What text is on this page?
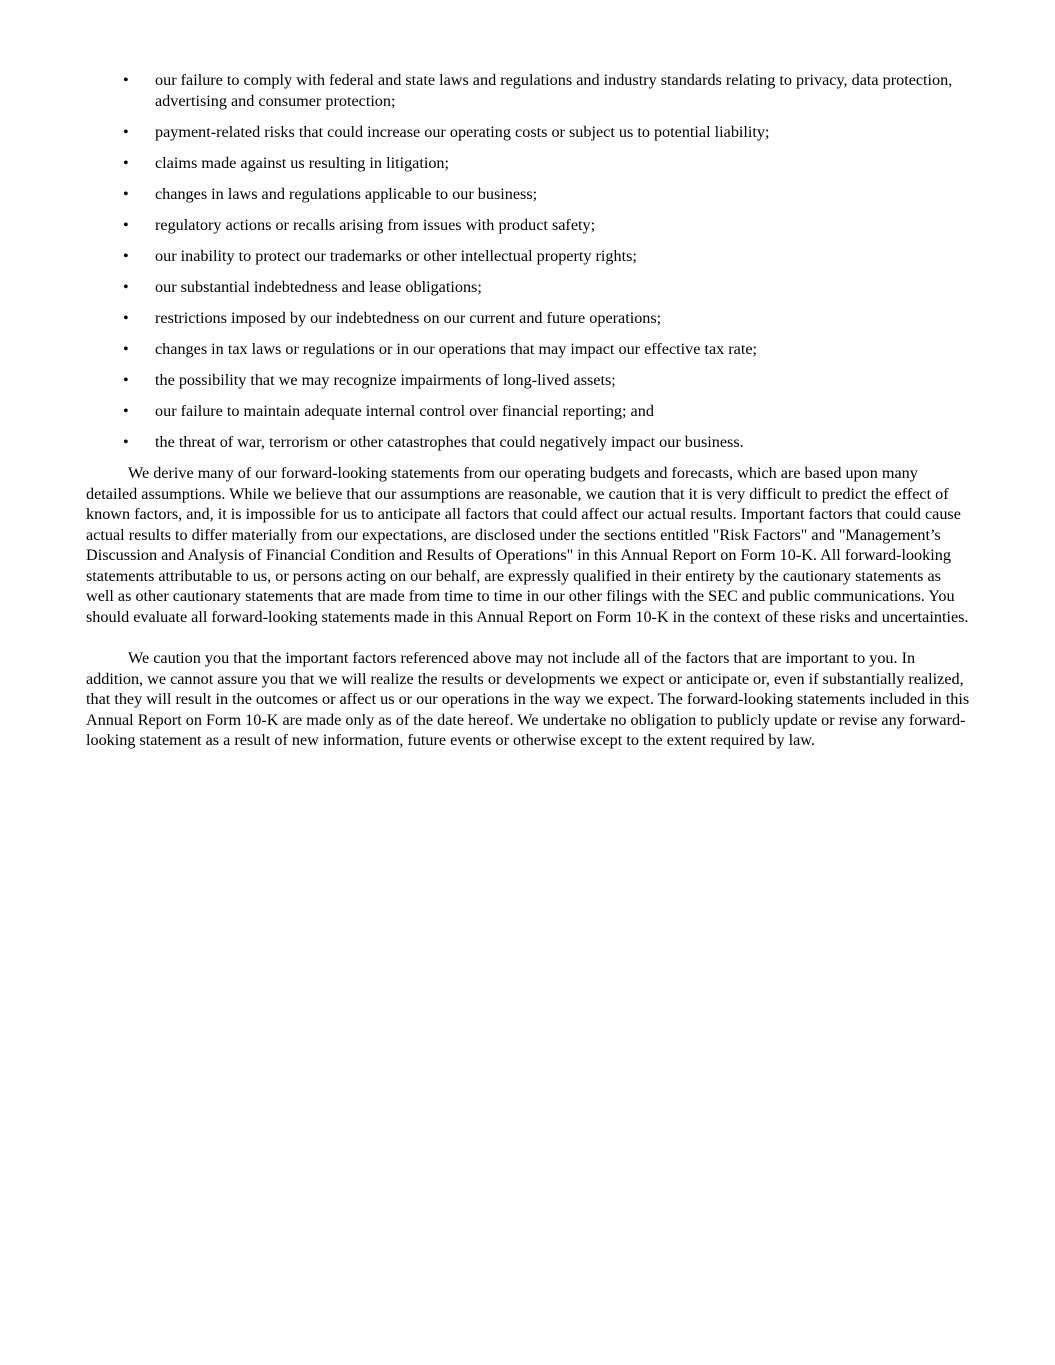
• our failure to comply with federal and state laws and regulations and industry standards relating to privacy, data protection, advertising and consumer protection;
• payment-related risks that could increase our operating costs or subject us to potential liability;
• claims made against us resulting in litigation;
• changes in laws and regulations applicable to our business;
• regulatory actions or recalls arising from issues with product safety;
• our inability to protect our trademarks or other intellectual property rights;
• our substantial indebtedness and lease obligations;
• restrictions imposed by our indebtedness on our current and future operations;
• changes in tax laws or regulations or in our operations that may impact our effective tax rate;
• the possibility that we may recognize impairments of long-lived assets;
• our failure to maintain adequate internal control over financial reporting; and
• the threat of war, terrorism or other catastrophes that could negatively impact our business.

We derive many of our forward-looking statements from our operating budgets and forecasts, which are based upon many detailed assumptions. While we believe that our assumptions are reasonable, we caution that it is very difficult to predict the effect of known factors, and, it is impossible for us to anticipate all factors that could affect our actual results. Important factors that could cause actual results to differ materially from our expectations, are disclosed under the sections entitled "Risk Factors" and "Management’s Discussion and Analysis of Financial Condition and Results of Operations" in this Annual Report on Form 10-K. All forward-looking statements attributable to us, or persons acting on our behalf, are expressly qualified in their entirety by the cautionary statements as well as other cautionary statements that are made from time to time in our other filings with the SEC and public communications. You should evaluate all forward-looking statements made in this Annual Report on Form 10-K in the context of these risks and uncertainties.

We caution you that the important factors referenced above may not include all of the factors that are important to you. In addition, we cannot assure you that we will realize the results or developments we expect or anticipate or, even if substantially realized, that they will result in the outcomes or affect us or our operations in the way we expect. The forward-looking statements included in this Annual Report on Form 10-K are made only as of the date hereof. We undertake no obligation to publicly update or revise any forward-looking statement as a result of new information, future events or otherwise except to the extent required by law.
